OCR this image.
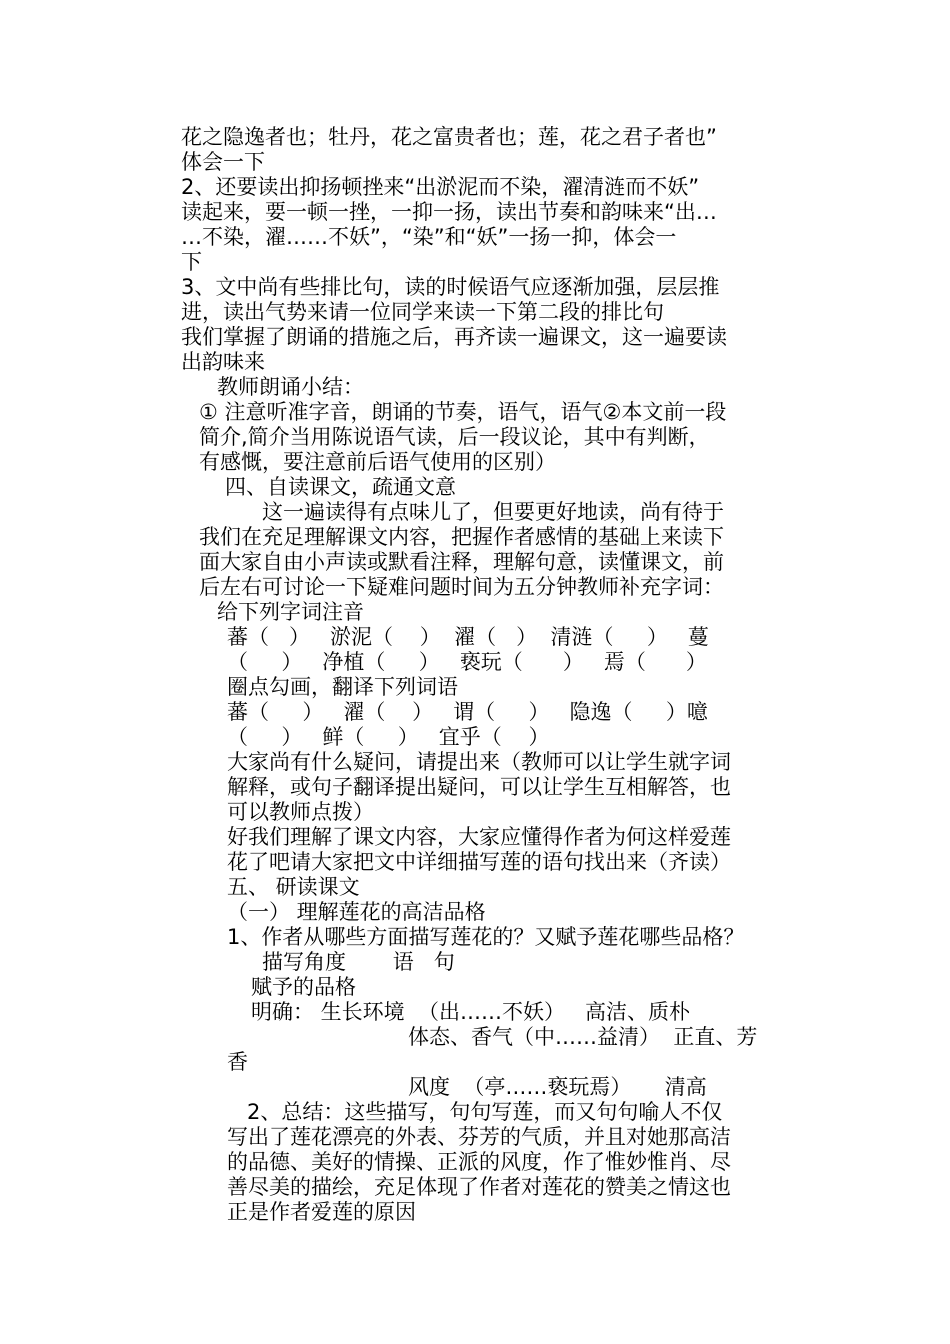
花之隐逸者也；牡丹，花之富贵者也；莲，花之君子者也”
体会一下
2、还要读出抑扬顿挫来“出淤泥而不染，濯清涟而不妖”
读起来，要一顿一挫，一抑一扬，读出节奏和韵味来“出…
…不染，濯……不妖”，“染”和“妖”一扬一抑，体会一
下
3、文中尚有些排比句，读的时候语气应逐渐加强，层层推
进，读出气势来请一位同学来读一下第二段的排比句
我们掌握了朗诵的措施之后，再齐读一遍课文，这一遍要读
出韵味来
教师朗诵小结：
① 注意听准字音，朗诵的节奏，语气，语气②本文前一段
简介,简介当用陈说语气读，后一段议论，其中有判断，
有感慨，要注意前后语气使用的区别）
四、自读课文，疏通文意
这一遍读得有点味儿了，但要更好地读，尚有待于
我们在充足理解课文内容，把握作者感情的基础上来读下
面大家自由小声读或默看注释，理解句意，读懂课文，前
后左右可讨论一下疑难问题时间为五分钟教师补充字词：
给下列字词注音
蕃（   ）   淤泥（    ）  濯（   ）  清涟（     ）   蔓
（     ）   净植（     ）   亵玩（      ）   焉（      ）
圈点勾画，翻译下列词语
蕃（     ）   濯（    ）   谓（     ）   隐逸（     ）噫
（     ）   鲜（     ）   宜乎（    ）
大家尚有什么疑问，请提出来（教师可以让学生就字词
解释，或句子翻译提出疑问，可以让学生互相解答，也
可以教师点拨）
好我们理解了课文内容，大家应懂得作者为何这样爱莲
花了吧请大家把文中详细描写莲的语句找出来（齐读）
五、 研读课文
（一） 理解莲花的高洁品格
1、作者从哪些方面描写莲花的？又赋予莲花哪些品格？
描写角度       语   句
赋予的品格
明确： 生长环境  （出……不妖）   高洁、质朴
体态、香气（中……益清）  正直、芳
香
风度  （亭……亵玩焉）     清高
2、总结：这些描写，句句写莲，而又句句喻人不仅
写出了莲花漂亮的外表、芬芳的气质，并且对她那高洁
的品德、美好的情操、正派的风度，作了惟妙惟肖、尽
善尽美的描绘，充足体现了作者对莲花的赞美之情这也
正是作者爱莲的原因
